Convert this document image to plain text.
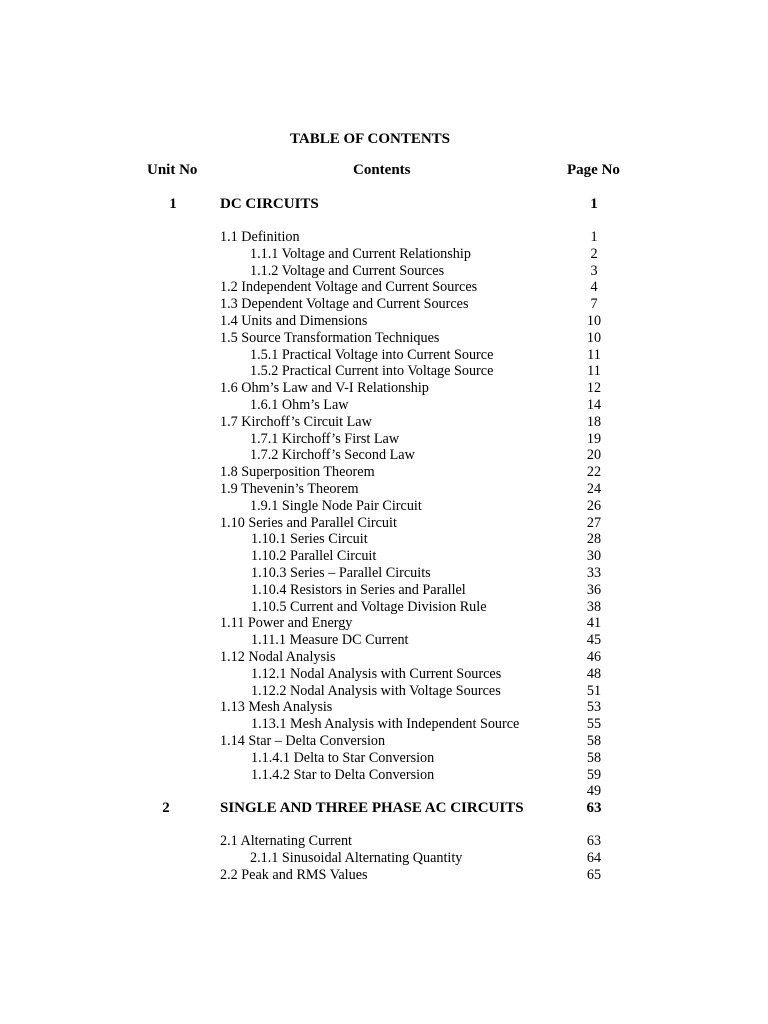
TABLE OF CONTENTS
Unit No	Contents	Page No
1	DC CIRCUITS	1
1.1 Definition	1
1.1.1 Voltage and Current Relationship	2
1.1.2 Voltage and Current Sources	3
1.2 Independent Voltage and Current Sources	4
1.3 Dependent Voltage and Current Sources	7
1.4 Units and Dimensions	10
1.5 Source Transformation Techniques	10
1.5.1 Practical Voltage into Current Source	11
1.5.2 Practical Current into Voltage Source	11
1.6 Ohm’s Law and V-I Relationship	12
1.6.1 Ohm’s Law	14
1.7 Kirchoff’s Circuit Law	18
1.7.1 Kirchoff’s First Law	19
1.7.2 Kirchoff’s Second Law	20
1.8 Superposition Theorem	22
1.9 Thevenin’s Theorem	24
1.9.1 Single Node Pair Circuit	26
1.10 Series and Parallel Circuit	27
1.10.1 Series Circuit	28
1.10.2 Parallel Circuit	30
1.10.3 Series – Parallel Circuits	33
1.10.4 Resistors in Series and Parallel	36
1.10.5 Current and Voltage Division Rule	38
1.11 Power and Energy	41
1.11.1 Measure DC Current	45
1.12 Nodal Analysis	46
1.12.1 Nodal Analysis with Current Sources	48
1.12.2 Nodal Analysis with Voltage Sources	51
1.13 Mesh Analysis	53
1.13.1 Mesh Analysis with Independent Source	55
1.14 Star – Delta Conversion	58
1.1.4.1 Delta to Star Conversion	58
1.1.4.2 Star to Delta Conversion	59
49
2	SINGLE AND THREE PHASE AC CIRCUITS	63
2.1 Alternating Current	63
2.1.1 Sinusoidal Alternating Quantity	64
2.2 Peak and RMS Values	65
